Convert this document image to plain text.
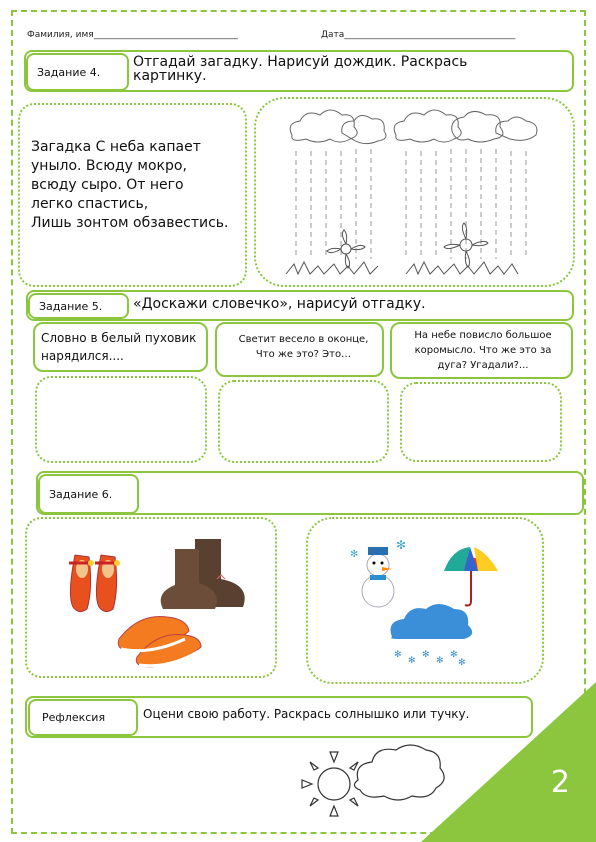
Фамилия, имя________________________________	Дата______________________________________
Задание 4.
Отгадай загадку. Нарисуй дождик. Раскрась
картинку.
Загадка С неба капает
уныло. Всюду мокро,
всюду сыро. От него
легко спастись,
Лишь зонтом обзавестись.
Задание 5. «Доскажи словечко», нарисуй отгадку.
Словно в белый пуховик
нарядился....
Светит весело в оконце,
Что же это? Это…
На небе повисло большое
коромысло. Что же это за
дуга? Угадали?...
Задание 6.
✻
✻
✻
✻
✻
✻
✻
✻
2
Рефлексия	Оцени свою работу. Раскрась солнышко или тучку.
